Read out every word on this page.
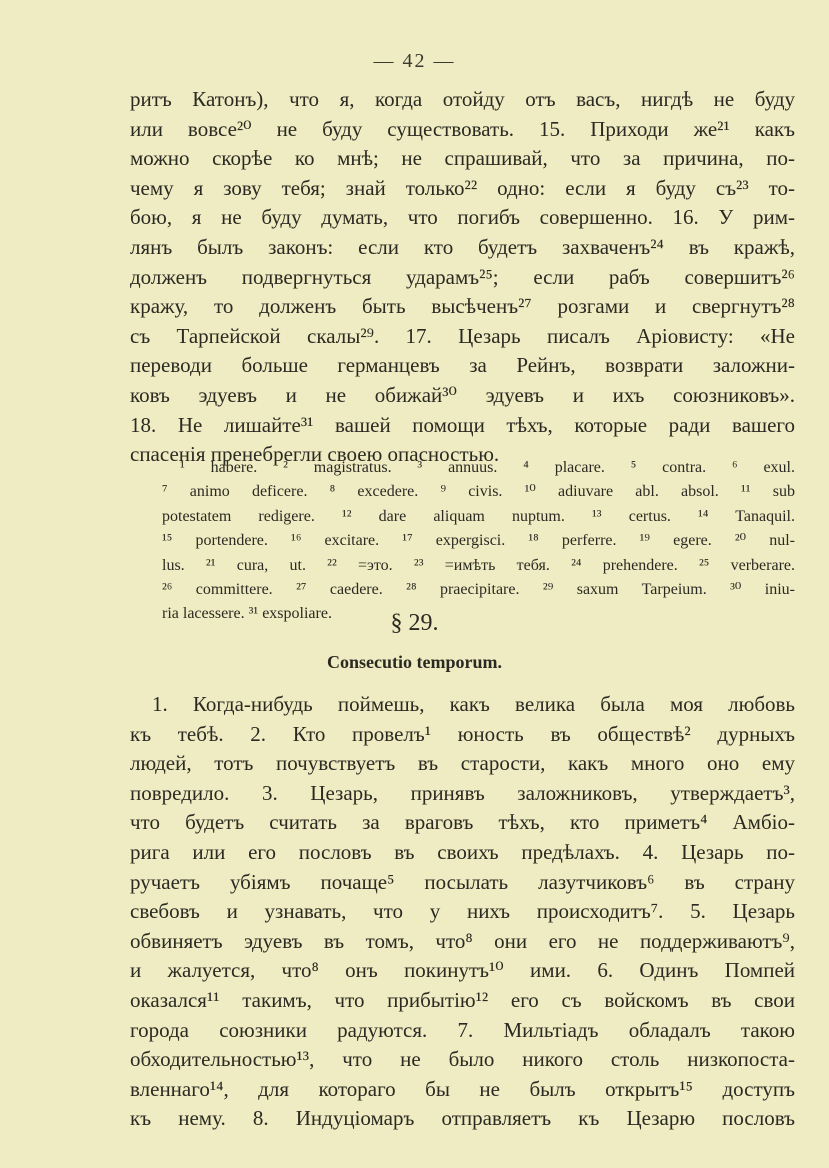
— 42 —
ритъ Катонъ), что я, когда отойду отъ васъ, нигдѣ не буду
или вовсе²⁰ не буду существовать. 15. Приходи же²¹ какъ
можно скорѣе ко мнѣ; не спрашивай, что за причина, по-
чему я зову тебя; знай только²² одно: если я буду съ²³ то-
бою, я не буду думать, что погибъ совершенно. 16. У рим-
лянъ былъ законъ: если кто будетъ захваченъ²⁴ въ кражѣ,
долженъ подвергнуться ударамъ²⁵; если рабъ совершитъ²⁶
кражу, то долженъ быть высѣченъ²⁷ розгами и свергнутъ²⁸
съ Тарпейской скалы²⁹. 17. Цезарь писалъ Аріовисту: «Не
переводи больше германцевъ за Рейнъ, возврати заложни-
ковъ эдуевъ и не обижай³⁰ эдуевъ и ихъ союзниковъ».
18. Не лишайте³¹ вашей помощи тѣхъ, которые ради вашего
спасенія пренебрегли своею опасностью.
¹ habere. ² magistratus. ³ annuus. ⁴ placare. ⁵ contra. ⁶ exul.
⁷ animo deficere. ⁸ excedere. ⁹ civis. ¹⁰ adiuvare abl. absol. ¹¹ sub
potestatem redigere. ¹² dare aliquam nuptum. ¹³ certus. ¹⁴ Tanaquil.
¹⁵ portendere. ¹⁶ excitare. ¹⁷ expergisci. ¹⁸ perferre. ¹⁹ egere. ²⁰ nul-
lus. ²¹ cura, ut. ²² =это. ²³ =имѣть тебя. ²⁴ prehendere. ²⁵ verberare.
²⁶ committere. ²⁷ caedere. ²⁸ praecipitare. ²⁹ saxum Tarpeium. ³⁰ iniu-
ria lacessere. ³¹ exspoliare.	§ 29.
Consecutio temporum.
1. Когда-нибудь поймешь, какъ велика была моя любовь
къ тебѣ. 2. Кто провелъ¹ юность въ обществѣ² дурныхъ
людей, тотъ почувствуетъ въ старости, какъ много оно ему
повредило. 3. Цезарь, принявъ заложниковъ, утверждаетъ³,
что будетъ считать за враговъ тѣхъ, кто приметъ⁴ Амбіо-
рига или его пословъ въ своихъ предѣлахъ. 4. Цезарь по-
ручаетъ убіямъ почаще⁵ посылать лазутчиковъ⁶ въ страну
свебовъ и узнавать, что у нихъ происходитъ⁷. 5. Цезарь
обвиняетъ эдуевъ въ томъ, что⁸ они его не поддерживаютъ⁹,
и жалуется, что⁸ онъ покинутъ¹⁰ ими. 6. Одинъ Помпей
оказался¹¹ такимъ, что прибытію¹² его съ войскомъ въ свои
города союзники радуются. 7. Мильтіадъ обладалъ такою
обходительностью¹³, что не было никого столь низкопоста-
вленнаго¹⁴, для котораго бы не былъ открытъ¹⁵ доступъ
къ нему. 8. Индуціомаръ отправляетъ къ Цезарю пословъ
